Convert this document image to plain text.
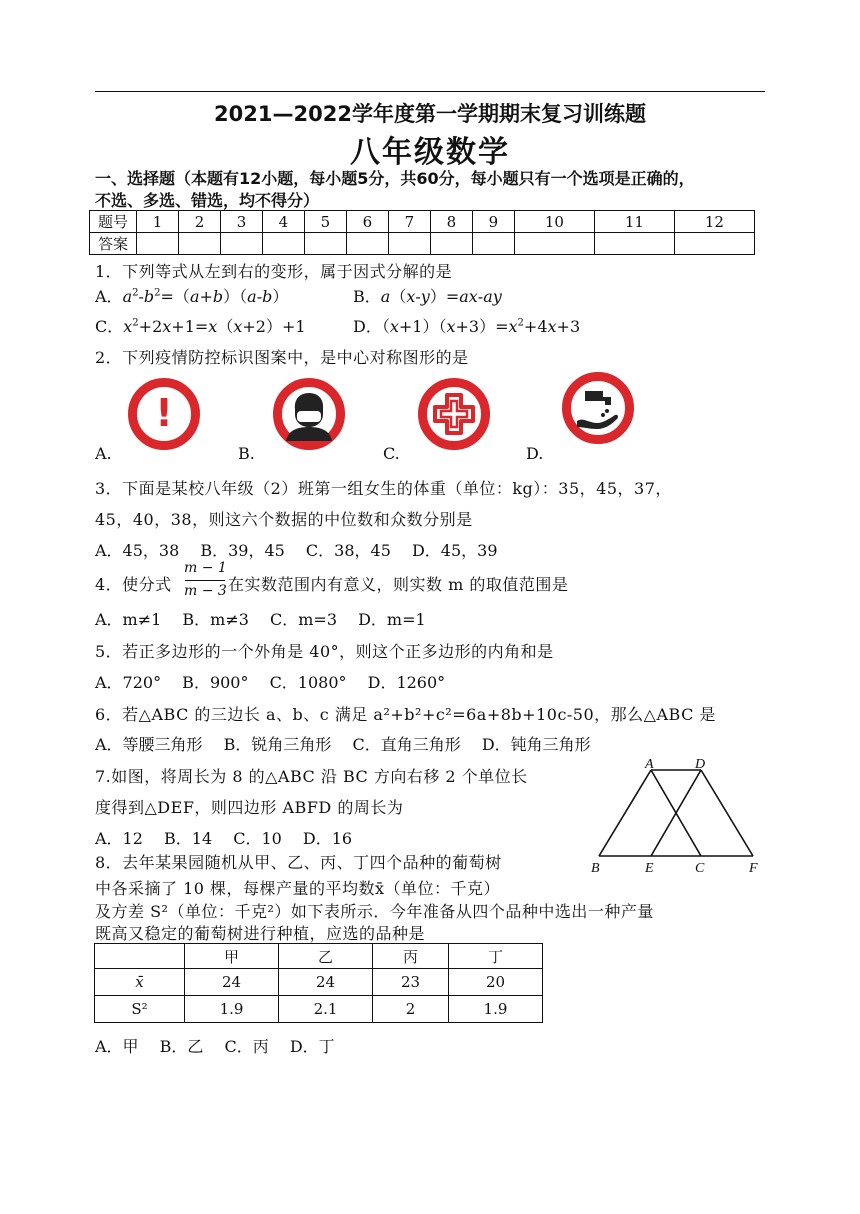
2021—2022学年度第一学期期末复习训练题
八年级数学
一、选择题（本题有12小题，每小题5分，共60分，每小题只有一个选项是正确的，
不选、多选、错选，均不得分）
题号	1	2	3	4	5	6	7	8	9	10	11	12
答案												
1．下列等式从左到右的变形，属于因式分解的是
A．$a^2-b^2=(a+b)(a-b)$	B．a（x-y）=ax-ay
C．$x^2+2x+1=x(x+2)+1$	D．$(x+1)(x+3)=x^2+4x+3$
2．下列疫情防控标识图案中，是中心对称图形的是
!
A.	B.	C.	D.
3．下面是某校八年级（2）班第一组女生的体重（单位：kg）：35，45，37，
45，40，38，则这六个数据的中位数和众数分别是
A．45，38　 B．39，45　 C．38，45　 D．45，39
4．使分式
m − 1
m − 3 在实数范围内有意义，则实数 m 的取值范围是
A．m≠1　 B．m≠3　 C．m=3　 D．m=1
5．若正多边形的一个外角是 40°，则这个正多边形的内角和是
A．720°　 B．900°　 C．1080°　 D．1260°
6．若△ABC 的三边长 a、b、c 满足 a²+b²+c²=6a+8b+10c-50，那么△ABC 是
A．等腰三角形　 B．锐角三角形　 C．直角三角形　 D．钝角三角形
7.如图，将周长为 8 的△ABC 沿 BC 方向右移 2 个单位长
度得到△DEF，则四边形 ABFD 的周长为
A．12　 B．14　 C．10　 D．16
A	D
B	E	C	F
8．去年某果园随机从甲、乙、丙、丁四个品种的葡萄树
中各采摘了 10 棵，每棵产量的平均数x̄（单位：千克）
及方差 S²（单位：千克²）如下表所示．今年准备从四个品种中选出一种产量
既高又稳定的葡萄树进行种植，应选的品种是
	甲	乙	丙	丁
x̄	24	24	23	20
S²	1.9	2.1	2	1.9
A．甲　 B．乙　 C．丙　 D．丁
